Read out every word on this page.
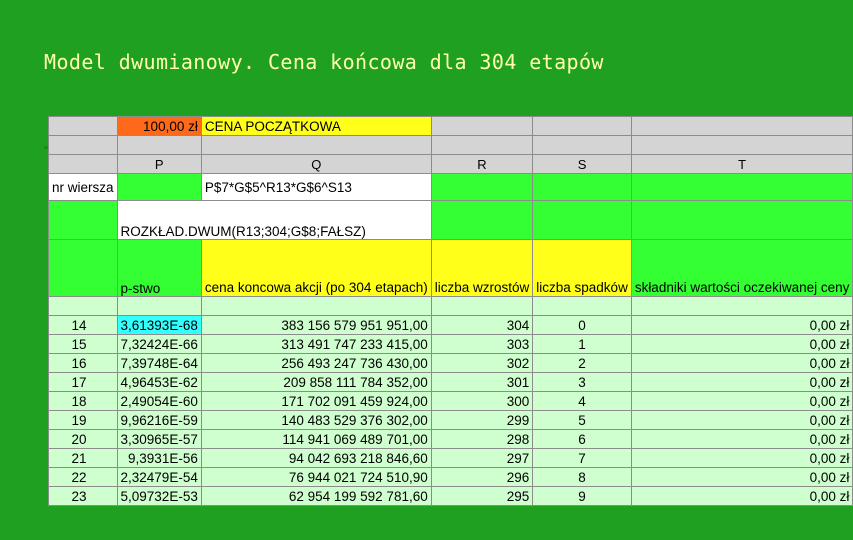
Model dwumianowy. Cena końcowa dla 304 etapów
	100,00 zł	CENA POCZĄTKOWA			

	P	Q	R	S	T
nr wiersza		P$7*G$5^R13*G$6^S13			
	ROZKŁAD.DWUM(R13;304;G$8;FAŁSZ)				
	p-stwo	cena koncowa akcji (po 304 etapach)	liczba wzrostów	liczba spadków	składniki wartości oczekiwanej ceny

14	3,61393E-68	383 156 579 951 951,00	304	0	0,00 zł
15	7,32424E-66	313 491 747 233 415,00	303	1	0,00 zł
16	7,39748E-64	256 493 247 736 430,00	302	2	0,00 zł
17	4,96453E-62	209 858 111 784 352,00	301	3	0,00 zł
18	2,49054E-60	171 702 091 459 924,00	300	4	0,00 zł
19	9,96216E-59	140 483 529 376 302,00	299	5	0,00 zł
20	3,30965E-57	114 941 069 489 701,00	298	6	0,00 zł
21	9,3931E-56	94 042 693 218 846,60	297	7	0,00 zł
22	2,32479E-54	76 944 021 724 510,90	296	8	0,00 zł
23	5,09732E-53	62 954 199 592 781,60	295	9	0,00 zł
